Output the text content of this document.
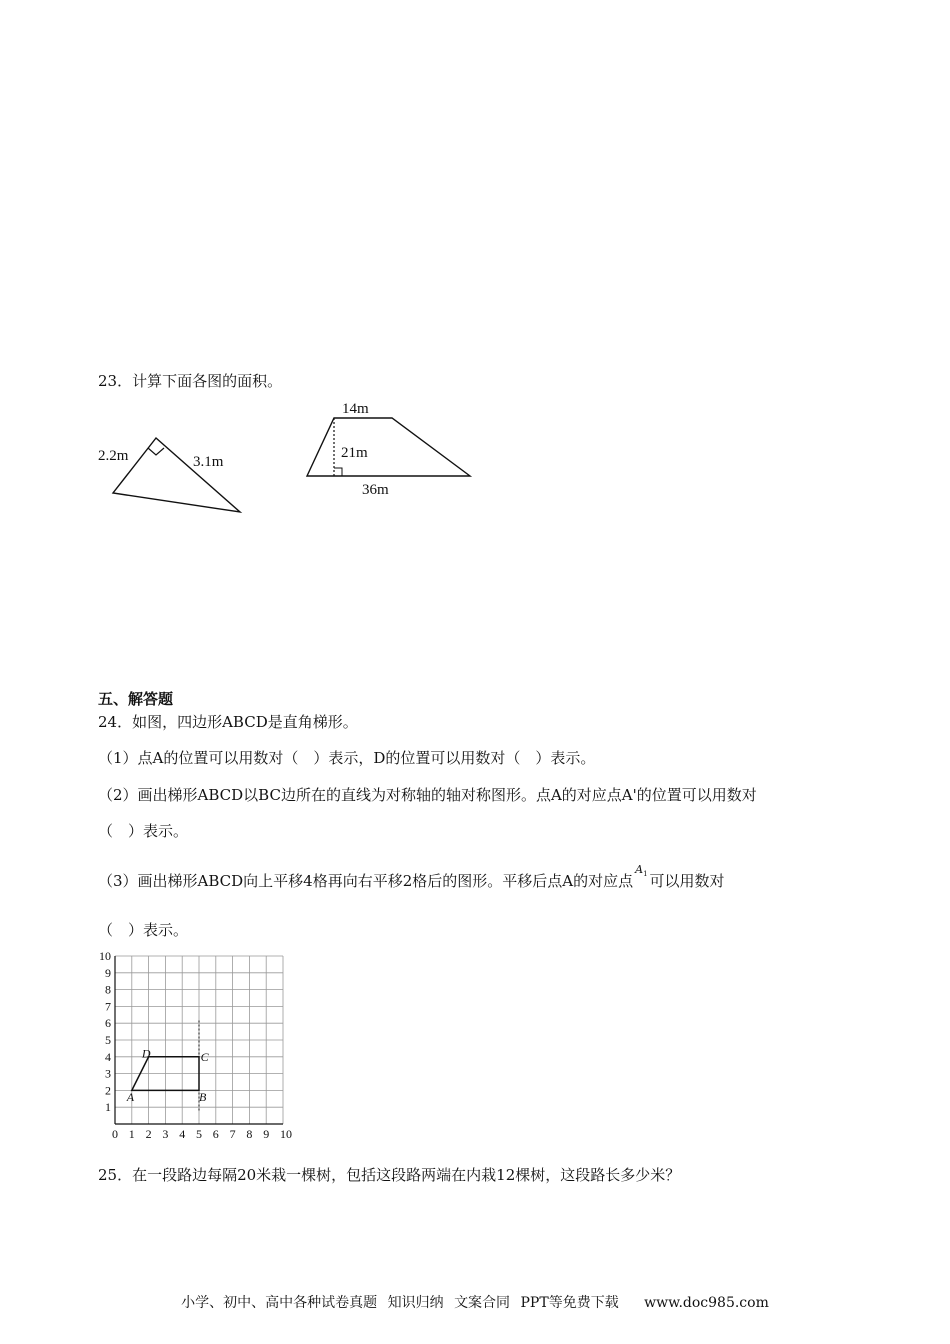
23．计算下面各图的面积。
2.2m	3.1m
14m
21m
36m
五、解答题
24．如图，四边形ABCD是直角梯形。
（1）点A的位置可以用数对（　）表示，D的位置可以用数对（　）表示。
（2）画出梯形ABCD以BC边所在的直线为对称轴的轴对称图形。点A的对应点A'的位置可以用数对
（　）表示。
（3）画出梯形ABCD向上平移4格再向右平移2格后的图形。平移后点A的对应点$^{A_1}$ 可以用数对
（　）表示。
0 1 2 3 4 5 6 7 8 9 10
1
2
3
4
5
6
7
8
9
10
A	B
C
D
25．在一段路边每隔20米栽一棵树，包括这段路两端在内栽12棵树，这段路长多少米？
小学、初中、高中各种试卷真题 知识归纳 文案合同 PPT等免费下载 www.doc985.com
